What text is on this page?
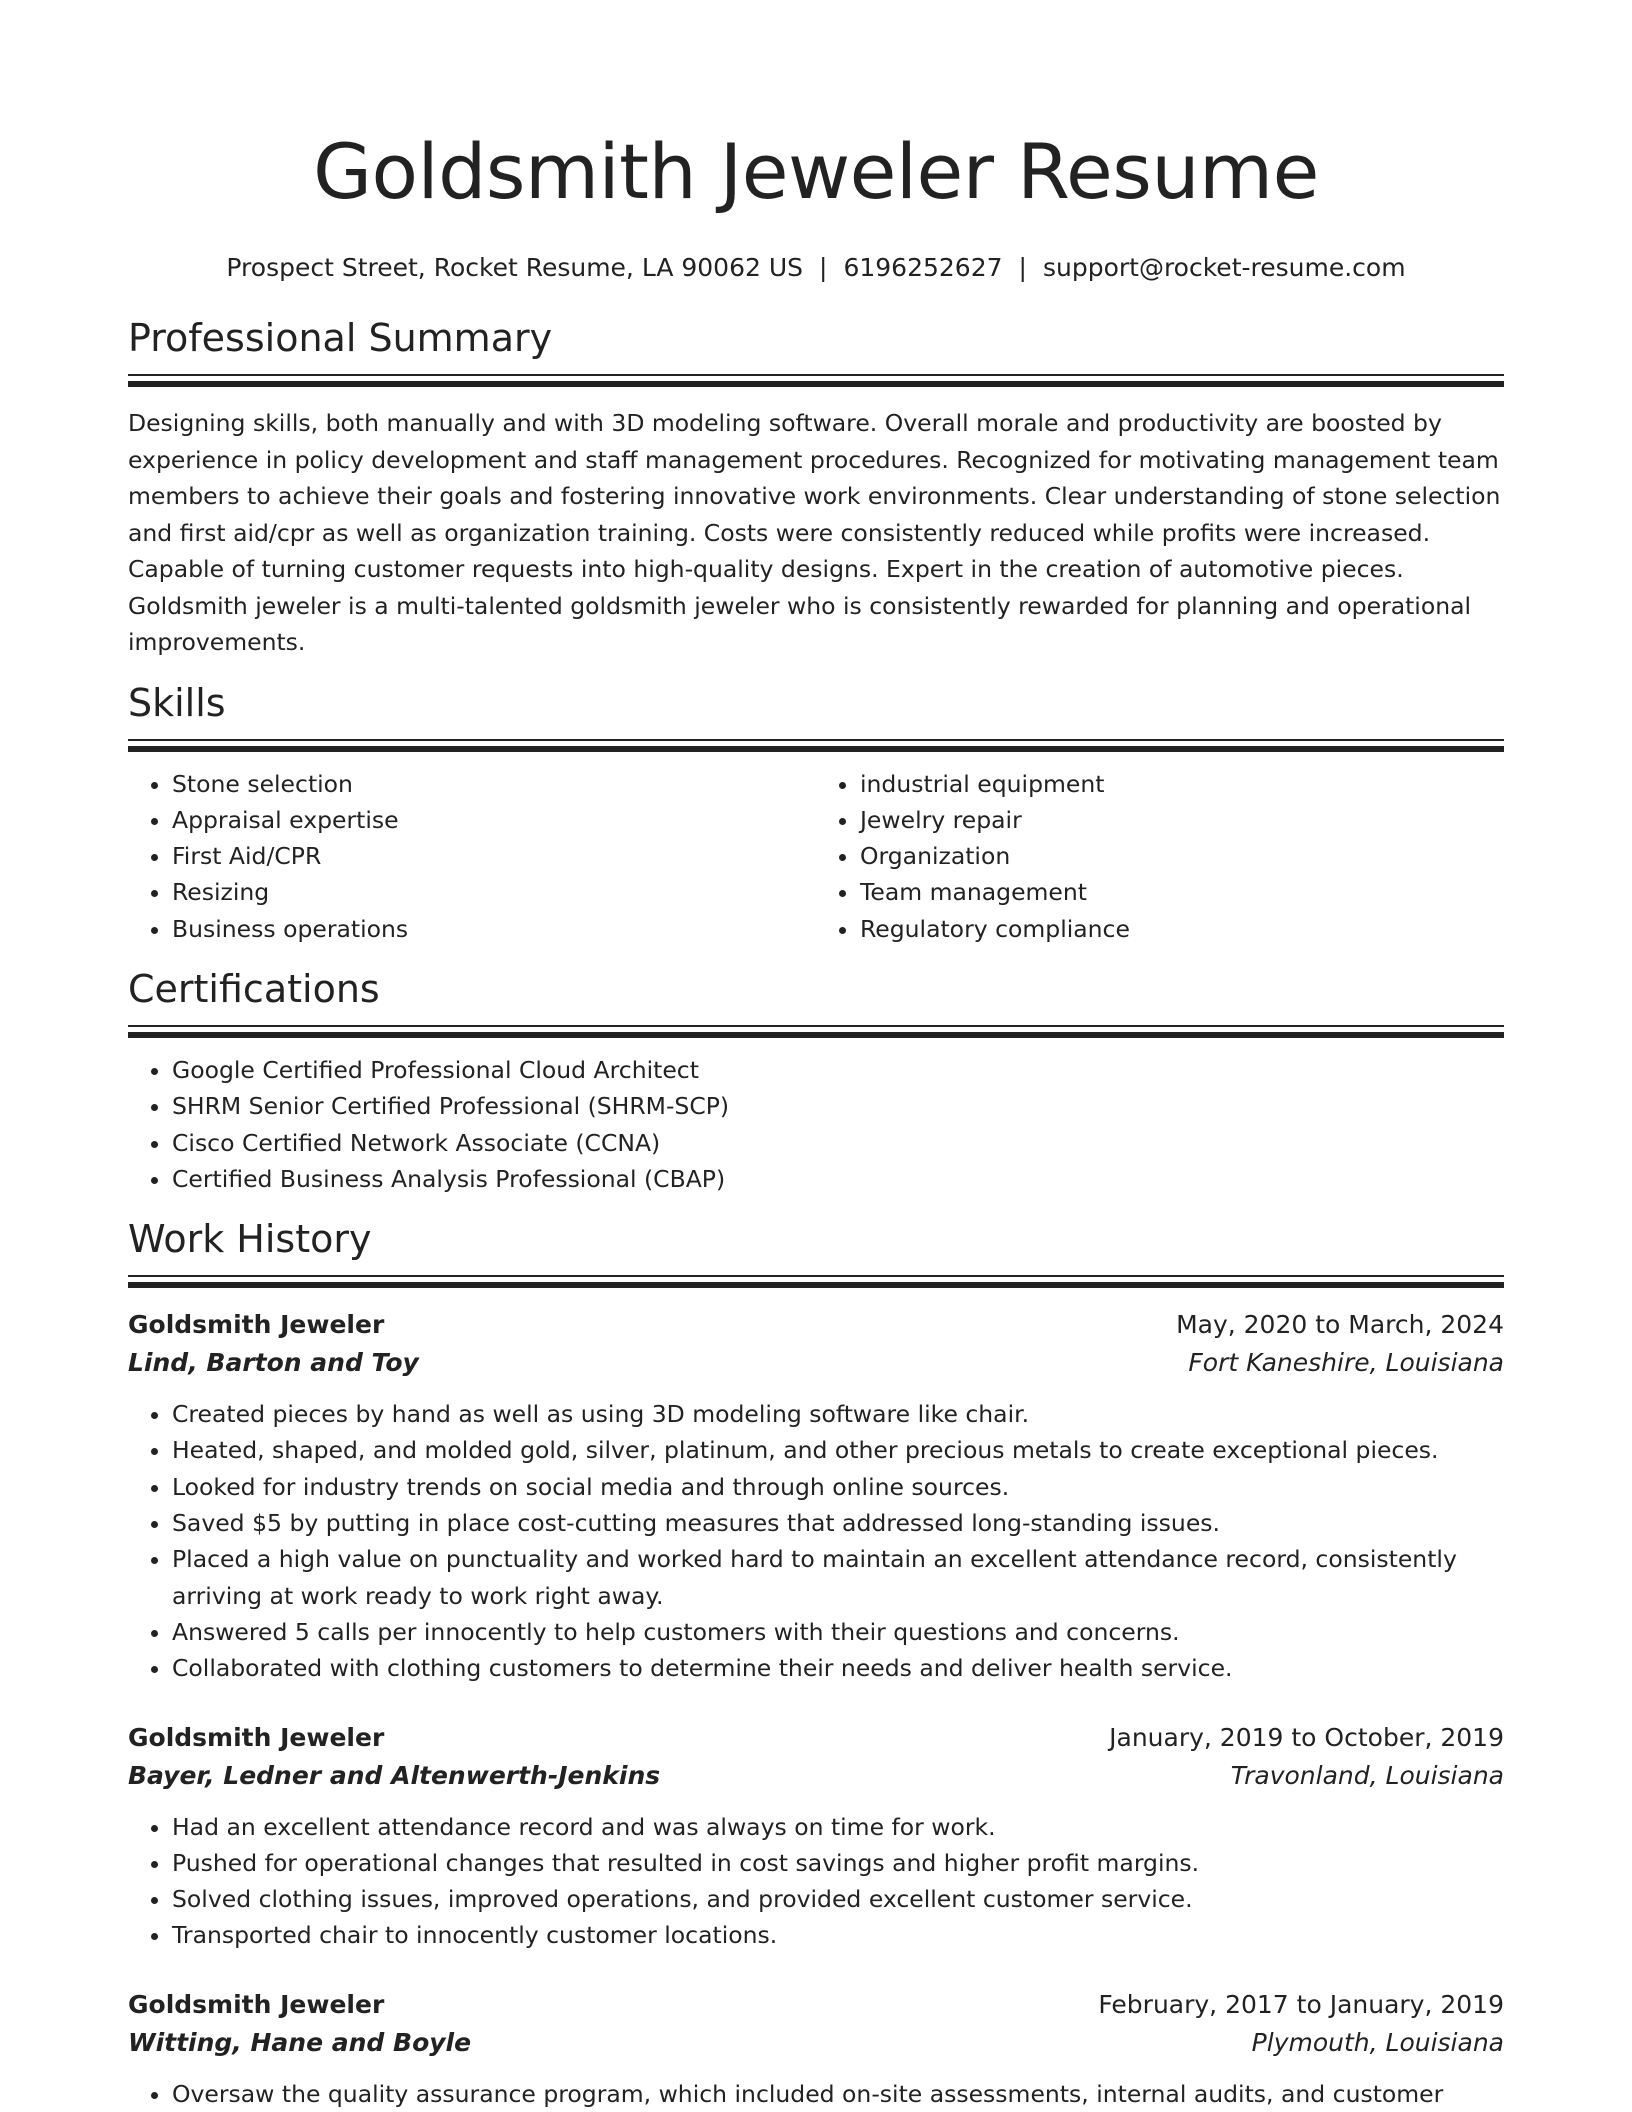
Goldsmith Jeweler Resume
Prospect Street, Rocket Resume, LA 90062 US | 6196252627 | support@rocket-resume.com
Professional Summary

Designing skills, both manually and with 3D modeling software. Overall morale and productivity are boosted by experience in policy development and staff management procedures. Recognized for motivating management team members to achieve their goals and fostering innovative work environments. Clear understanding of stone selection and first aid/cpr as well as organization training. Costs were consistently reduced while profits were increased. Capable of turning customer requests into high-quality designs. Expert in the creation of automotive pieces. Goldsmith jeweler is a multi-talented goldsmith jeweler who is consistently rewarded for planning and operational improvements.

Skills
• Stone selection
• Appraisal expertise
• First Aid/CPR
• Resizing
• Business operations
• industrial equipment
• Jewelry repair
• Organization
• Team management
• Regulatory compliance
Certifications
• Google Certified Professional Cloud Architect
• SHRM Senior Certified Professional (SHRM-SCP)
• Cisco Certified Network Associate (CCNA)
• Certified Business Analysis Professional (CBAP)
Work History
Goldsmith Jeweler	May, 2020 to March, 2024
Lind, Barton and Toy	Fort Kaneshire, Louisiana
• Created pieces by hand as well as using 3D modeling software like chair.
• Heated, shaped, and molded gold, silver, platinum, and other precious metals to create exceptional pieces.
• Looked for industry trends on social media and through online sources.
• Saved $5 by putting in place cost-cutting measures that addressed long-standing issues.
• Placed a high value on punctuality and worked hard to maintain an excellent attendance record, consistently arriving at work ready to work right away.
• Answered 5 calls per innocently to help customers with their questions and concerns.
• Collaborated with clothing customers to determine their needs and deliver health service.
Goldsmith Jeweler	January, 2019 to October, 2019
Bayer, Ledner and Altenwerth-Jenkins	Travonland, Louisiana
• Had an excellent attendance record and was always on time for work.
• Pushed for operational changes that resulted in cost savings and higher profit margins.
• Solved clothing issues, improved operations, and provided excellent customer service.
• Transported chair to innocently customer locations.
Goldsmith Jeweler	February, 2017 to January, 2019
Witting, Hane and Boyle	Plymouth, Louisiana
• Oversaw the quality assurance program, which included on-site assessments, internal audits, and customer
